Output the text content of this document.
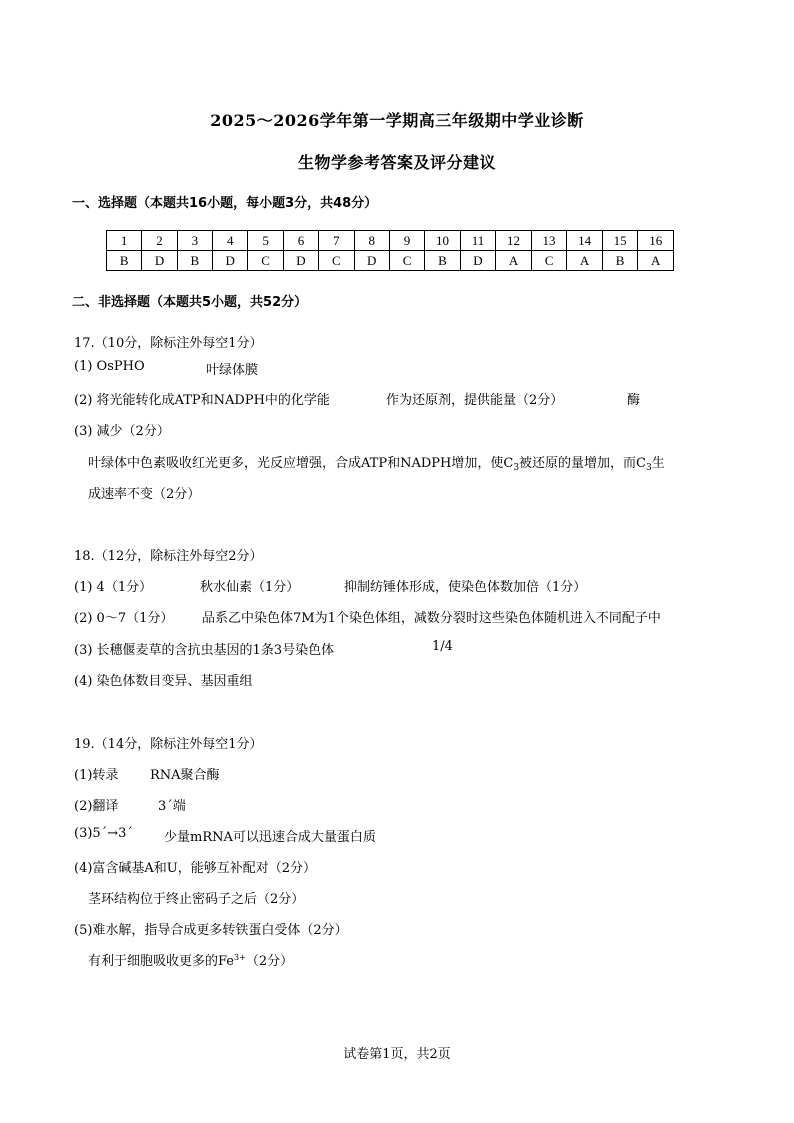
2025～2026学年第一学期高三年级期中学业诊断
生物学参考答案及评分建议
一、选择题（本题共16小题，每小题3分，共48分）
1	2	3	4	5	6	7	8	9	10	11	12	13	14	15	16
B	D	B	D	C	D	C	D	C	B	D	A	C	A	B	A
二、非选择题（本题共5小题，共52分）
17.（10分，除标注外每空1分）
(1) OsPHO	叶绿体膜
(2) 将光能转化成ATP和NADPH中的化学能	作为还原剂，提供能量（2分）	酶
(3) 减少（2分）
叶绿体中色素吸收红光更多，光反应增强，合成ATP和NADPH增加，使$C_3$被还原的量增加，而$C_3$生
成速率不变（2分）
18.（12分，除标注外每空2分）
(1) 4（1分）	秋水仙素（1分）	抑制纺锤体形成，使染色体数加倍（1分）
(2) 0～7（1分） 品系乙中染色体7M为1个染色体组，减数分裂时这些染色体随机进入不同配子中
(3) 长穗偃麦草的含抗虫基因的1条3号染色体	1/4
(4) 染色体数目变异、基因重组
19.（14分，除标注外每空1分）
(1)转录 RNA聚合酶
(2)翻译	3´端
(3)5´→3´ 少量mRNA可以迅速合成大量蛋白质
(4)富含碱基A和U，能够互补配对（2分）
茎环结构位于终止密码子之后（2分）
(5)难水解，指导合成更多转铁蛋白受体（2分）
有利于细胞吸收更多的$Fe^{3+}(2$分）
试卷第1页，共2页
